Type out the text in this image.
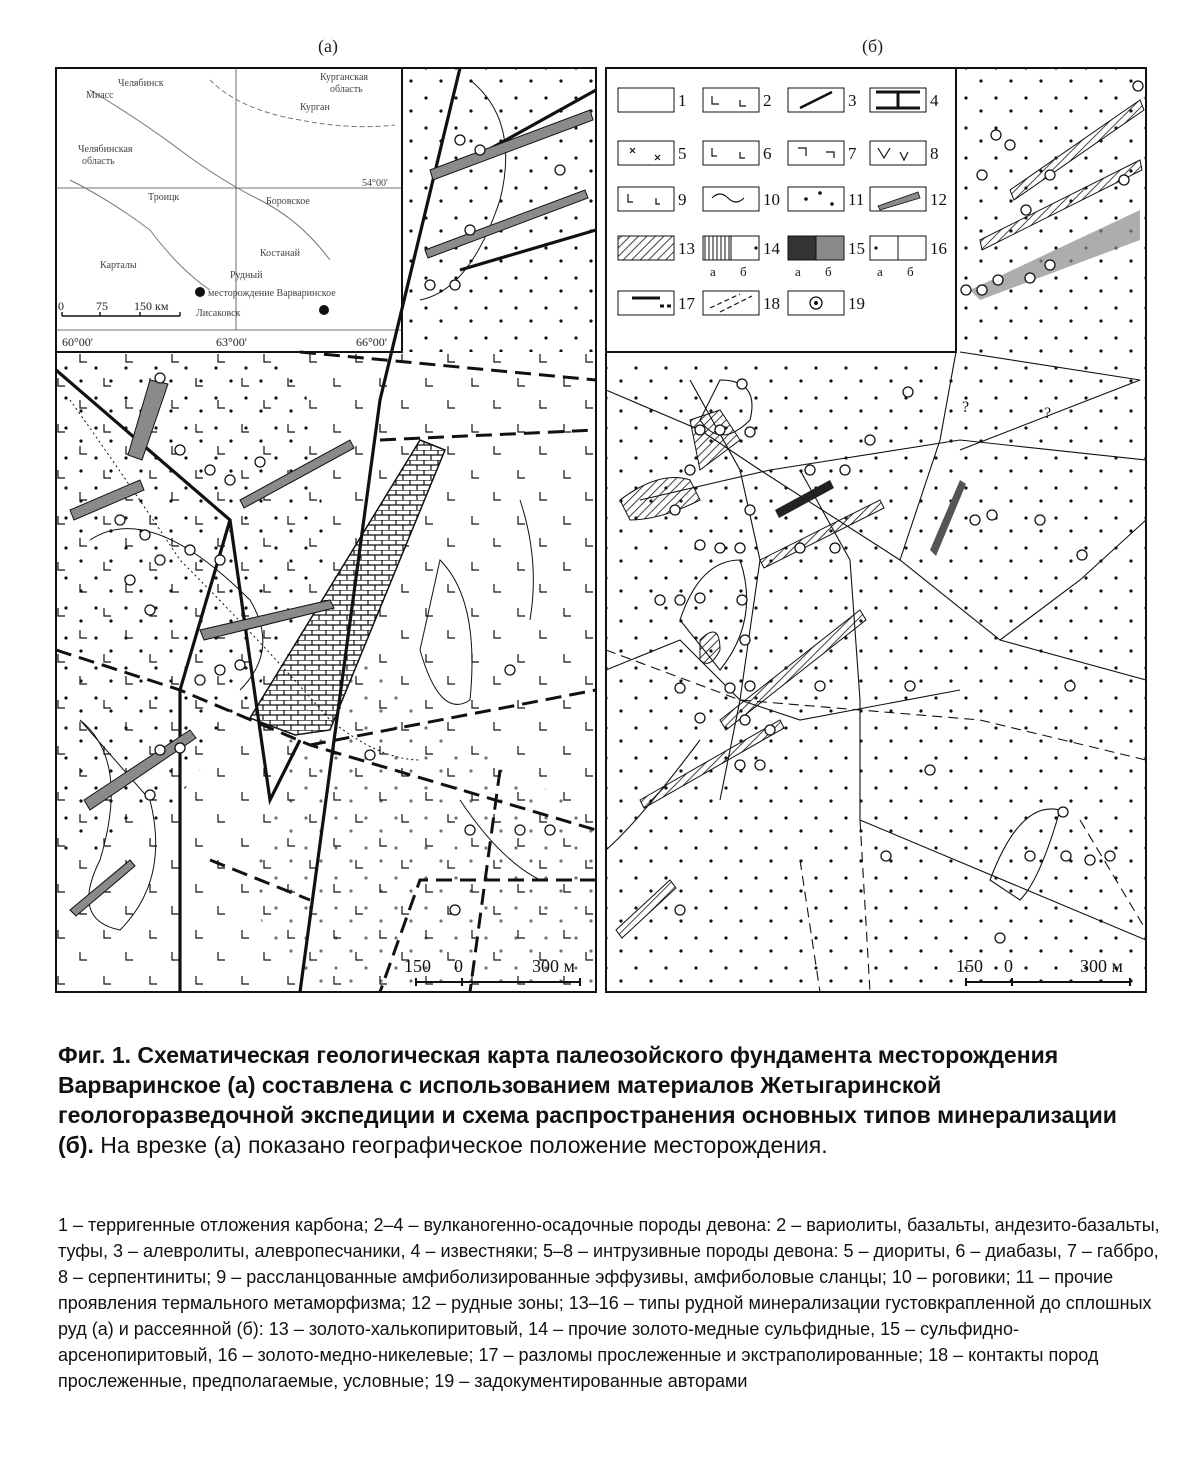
(а)	(б)
Челябинск
Миасс
Курганская
область
Курган
Челябинская
область
Троицк	Боровское
Карталы
Костанай
Рудный
месторождение Варваринское
Лисаковск
54°00'
60°00'	63°00'	66°00'
0	75 150 км
150 0	300 м
1	2	3	4
5	6	7	8
9	10	11	12
13	14	15	16
17	18	19
а б	а б	а б
?	?
150 0	300 м
Фиг. 1. Схематическая геологическая карта палеозойского фундамента месторождения Варваринское (а) составлена с использованием материалов Жетыгаринской геологоразведочной экспедиции и схема распространения основных типов минерализации (б). На врезке (а) показано географическое положение месторождения.
1 – терригенные отложения карбона; 2–4 – вулканогенно-осадочные породы девона: 2 – вариолиты, базальты, андезито-базальты, туфы, 3 – алевролиты, алевропесчаники, 4 – известняки; 5–8 – интрузивные породы девона: 5 – диориты, 6 – диабазы, 7 – габбро, 8 – серпентиниты; 9 – рассланцованные амфиболизированные эффузивы, амфиболовые сланцы; 10 – роговики; 11 – прочие проявления термального метаморфизма; 12 – рудные зоны; 13–16 – типы рудной минерализации густовкрапленной до сплошных руд (а) и рассеянной (б): 13 – золото-халькопиритовый, 14 – прочие золото-медные сульфидные, 15 – сульфидно-арсенопиритовый, 16 – золото-медно-никелевые; 17 – разломы прослеженные и экстраполированные; 18 – контакты пород прослеженные, предполагаемые, условные; 19 – задокументированные авторами
